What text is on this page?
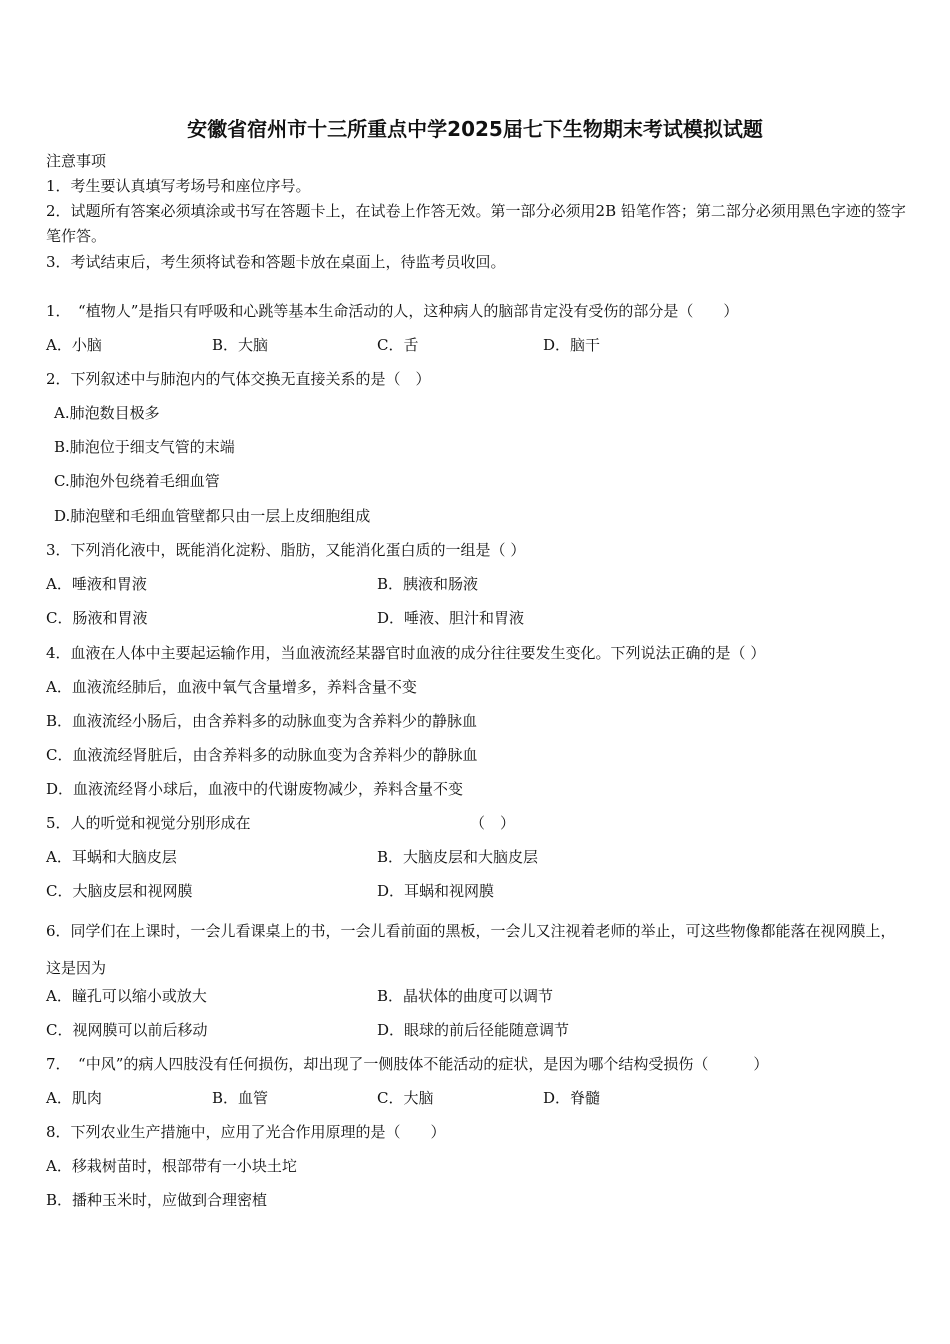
安徽省宿州市十三所重点中学2025届七下生物期末考试模拟试题
注意事项
1．考生要认真填写考场号和座位序号。
2．试题所有答案必须填涂或书写在答题卡上，在试卷上作答无效。第一部分必须用2B 铅笔作答；第二部分必须用黑色字迹的签字笔作答。
3．考试结束后，考生须将试卷和答题卡放在桌面上，待监考员收回。
1．　“植物人”是指只有呼吸和心跳等基本生命活动的人，这种病人的脑部肯定没有受伤的部分是（　　）
A．小脑	B．大脑	C．舌	D．脑干
2．下列叙述中与肺泡内的气体交换无直接关系的是（　）
A.肺泡数目极多
B.肺泡位于细支气管的末端
C.肺泡外包绕着毛细血管
D.肺泡壁和毛细血管壁都只由一层上皮细胞组成
3．下列消化液中，既能消化淀粉、脂肪，又能消化蛋白质的一组是（ ）
A．唾液和胃液	B．胰液和肠液
C．肠液和胃液	D．唾液、胆汁和胃液
4．血液在人体中主要起运输作用，当血液流经某器官时血液的成分往往要发生变化。下列说法正确的是（ ）
A．血液流经肺后，血液中氧气含量增多，养料含量不变
B．血液流经小肠后，由含养料多的动脉血变为含养料少的静脉血
C．血液流经肾脏后，由含养料多的动脉血变为含养料少的静脉血
D．血液流经肾小球后，血液中的代谢废物减少，养料含量不变
5．人的听觉和视觉分别形成在	（　）
A．耳蜗和大脑皮层	B．大脑皮层和大脑皮层
C．大脑皮层和视网膜	D．耳蜗和视网膜
6．同学们在上课时，一会儿看课桌上的书，一会儿看前面的黑板，一会儿又注视着老师的举止，可这些物像都能落在视网膜上，这是因为
A．瞳孔可以缩小或放大	B．晶状体的曲度可以调节
C．视网膜可以前后移动	D．眼球的前后径能随意调节
7．　“中风”的病人四肢没有任何损伤，却出现了一侧肢体不能活动的症状，是因为哪个结构受损伤（　　　）
A．肌肉	B．血管	C．大脑	D．脊髓
8．下列农业生产措施中，应用了光合作用原理的是（　　）
A．移栽树苗时，根部带有一小块土坨
B．播种玉米时，应做到合理密植
